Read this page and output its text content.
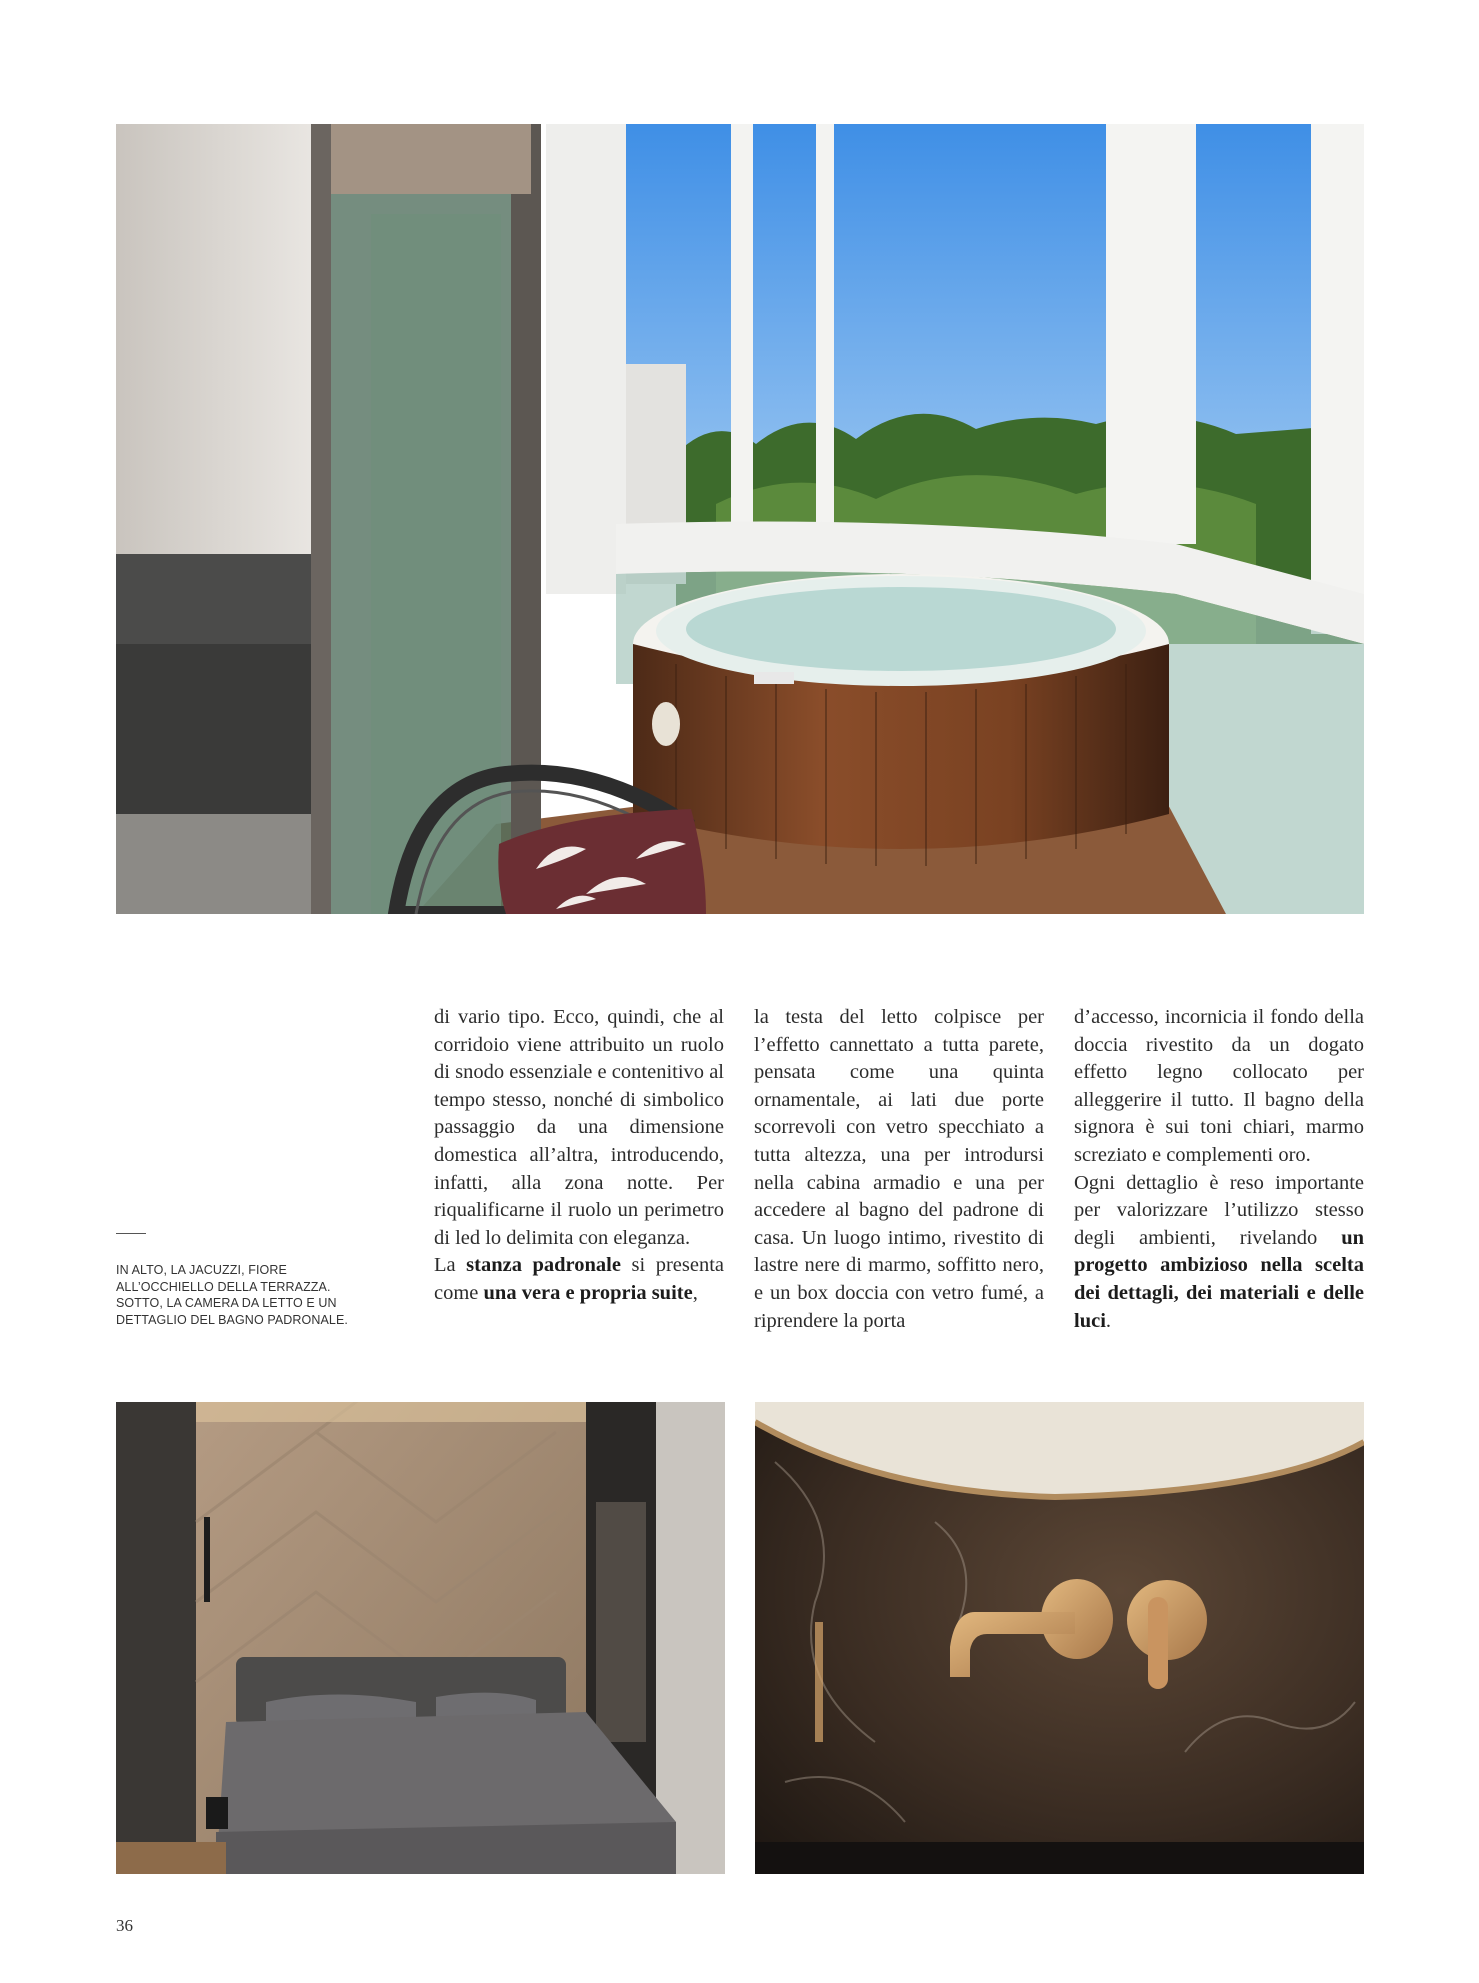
IN ALTO, LA JACUZZI, FIORE ALL’OCCHIELLO DELLA TERRAZZA. SOTTO, LA CAMERA DA LETTO E UN DETTAGLIO DEL BAGNO PADRONALE.

di vario tipo. Ecco, quindi, che al corridoio viene attribuito un ruolo di snodo essenziale e contenitivo al tempo stesso, nonché di simbolico passaggio da una dimensione domestica all’altra, introducendo, infatti, alla zona notte. Per riqualificarne il ruolo un perimetro di led lo delimita con eleganza.

La stanza padronale si presenta come una vera e propria suite,

la testa del letto colpisce per l’effetto cannettato a tutta parete, pensata come una quinta ornamentale, ai lati due porte scorrevoli con vetro specchiato a tutta altezza, una per introdursi nella cabina armadio e una per accedere al bagno del padrone di casa. Un luogo intimo, rivestito di lastre nere di marmo, soffitto nero, e un box doccia con vetro fumé, a riprendere la porta

d’accesso, incornicia il fondo della doccia rivestito da un dogato effetto legno collocato per alleggerire il tutto. Il bagno della signora è sui toni chiari, marmo screziato e complementi oro.

Ogni dettaglio è reso importante per valorizzare l’utilizzo stesso degli ambienti, rivelando un progetto ambizioso nella scelta dei dettagli, dei materiali e delle luci.

36
